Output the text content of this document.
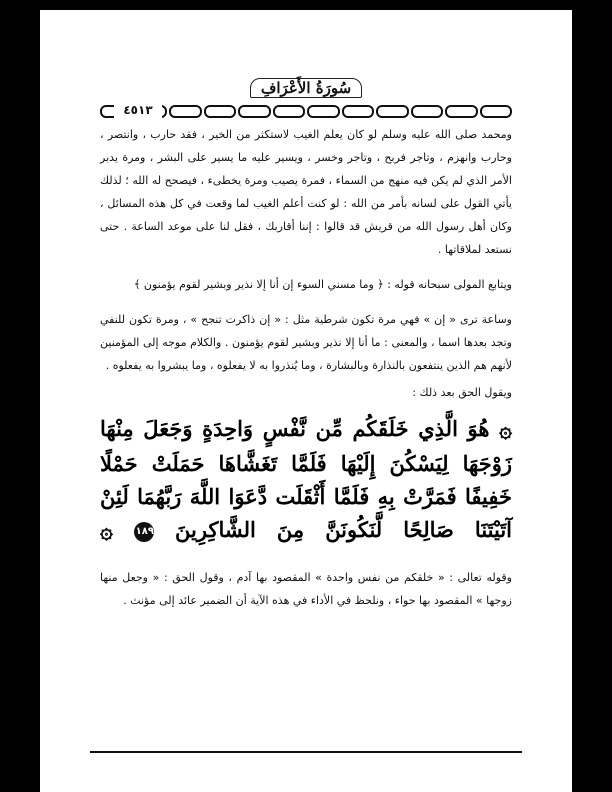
سُورَةُ الأَعْرَافِ
٤٥١٣

ومحمد صلى الله عليه وسلم لو كان يعلم الغيب لاستكثر من الخير ، فقد حارب ، وانتصر ، وحارب وانهزم ، وتاجر فربح ، وتاجر وخسر ، ويسير عليه ما يسير على البشر ، ومرة يدبر الأمر الذي لم يكن فيه منهج من السماء ، فمرة يصيب ومرة يخطىء ، فيصحح له الله ؛ لذلك يأتي القول على لسانه بأمر من الله : لو كنت أعلم الغيب لما وقعت في كل هذه المسائل ، وكان أهل رسول الله من قريش قد قالوا : إننا أقاربك ، فقل لنا على موعد الساعة . حتى نستعد لملاقاتها .

ويتابع المولى سبحانه قوله : ﴿ وما مسني السوء إن أنا إلا نذير وبشير لقوم يؤمنون ﴾

وساعة ترى « إن » فهي مرة تكون شرطية مثل : « إن ذاكرت تنجح » ، ومرة تكون للنفي وتجد بعدها اسما ، والمعنى : ما أنا إلا نذير وبشير لقوم يؤمنون . والكلام موجه إلى المؤمنين لأنهم هم الذين ينتفعون بالنذارة وبالبشارة ، وما يُنذروا به لا يفعلوه ، وما يبشروا به يفعلوه .

ويقول الحق بعد ذلك :

۞ هُوَ الَّذِي خَلَقَكُم مِّن نَّفْسٍ وَاحِدَةٍ وَجَعَلَ مِنْهَا
زَوْجَهَا لِيَسْكُنَ إِلَيْهَا فَلَمَّا تَغَشَّاهَا حَمَلَتْ حَمْلًا
خَفِيفًا فَمَرَّتْ بِهِ فَلَمَّا أَثْقَلَت دَّعَوَا اللَّهَ رَبَّهُمَا لَئِنْ
آتَيْتَنَا صَالِحًا لَّنَكُونَنَّ مِنَ الشَّاكِرِينَ ١٨٩ ۞

وقوله تعالى : « خلقكم من نفس واحدة » المقصود بها آدم ، وقول الحق : « وجعل منها زوجها » المقصود بها حواء ، ونلحظ في الأداء في هذه الآية أن الضمير عائد إلى مؤنث .
